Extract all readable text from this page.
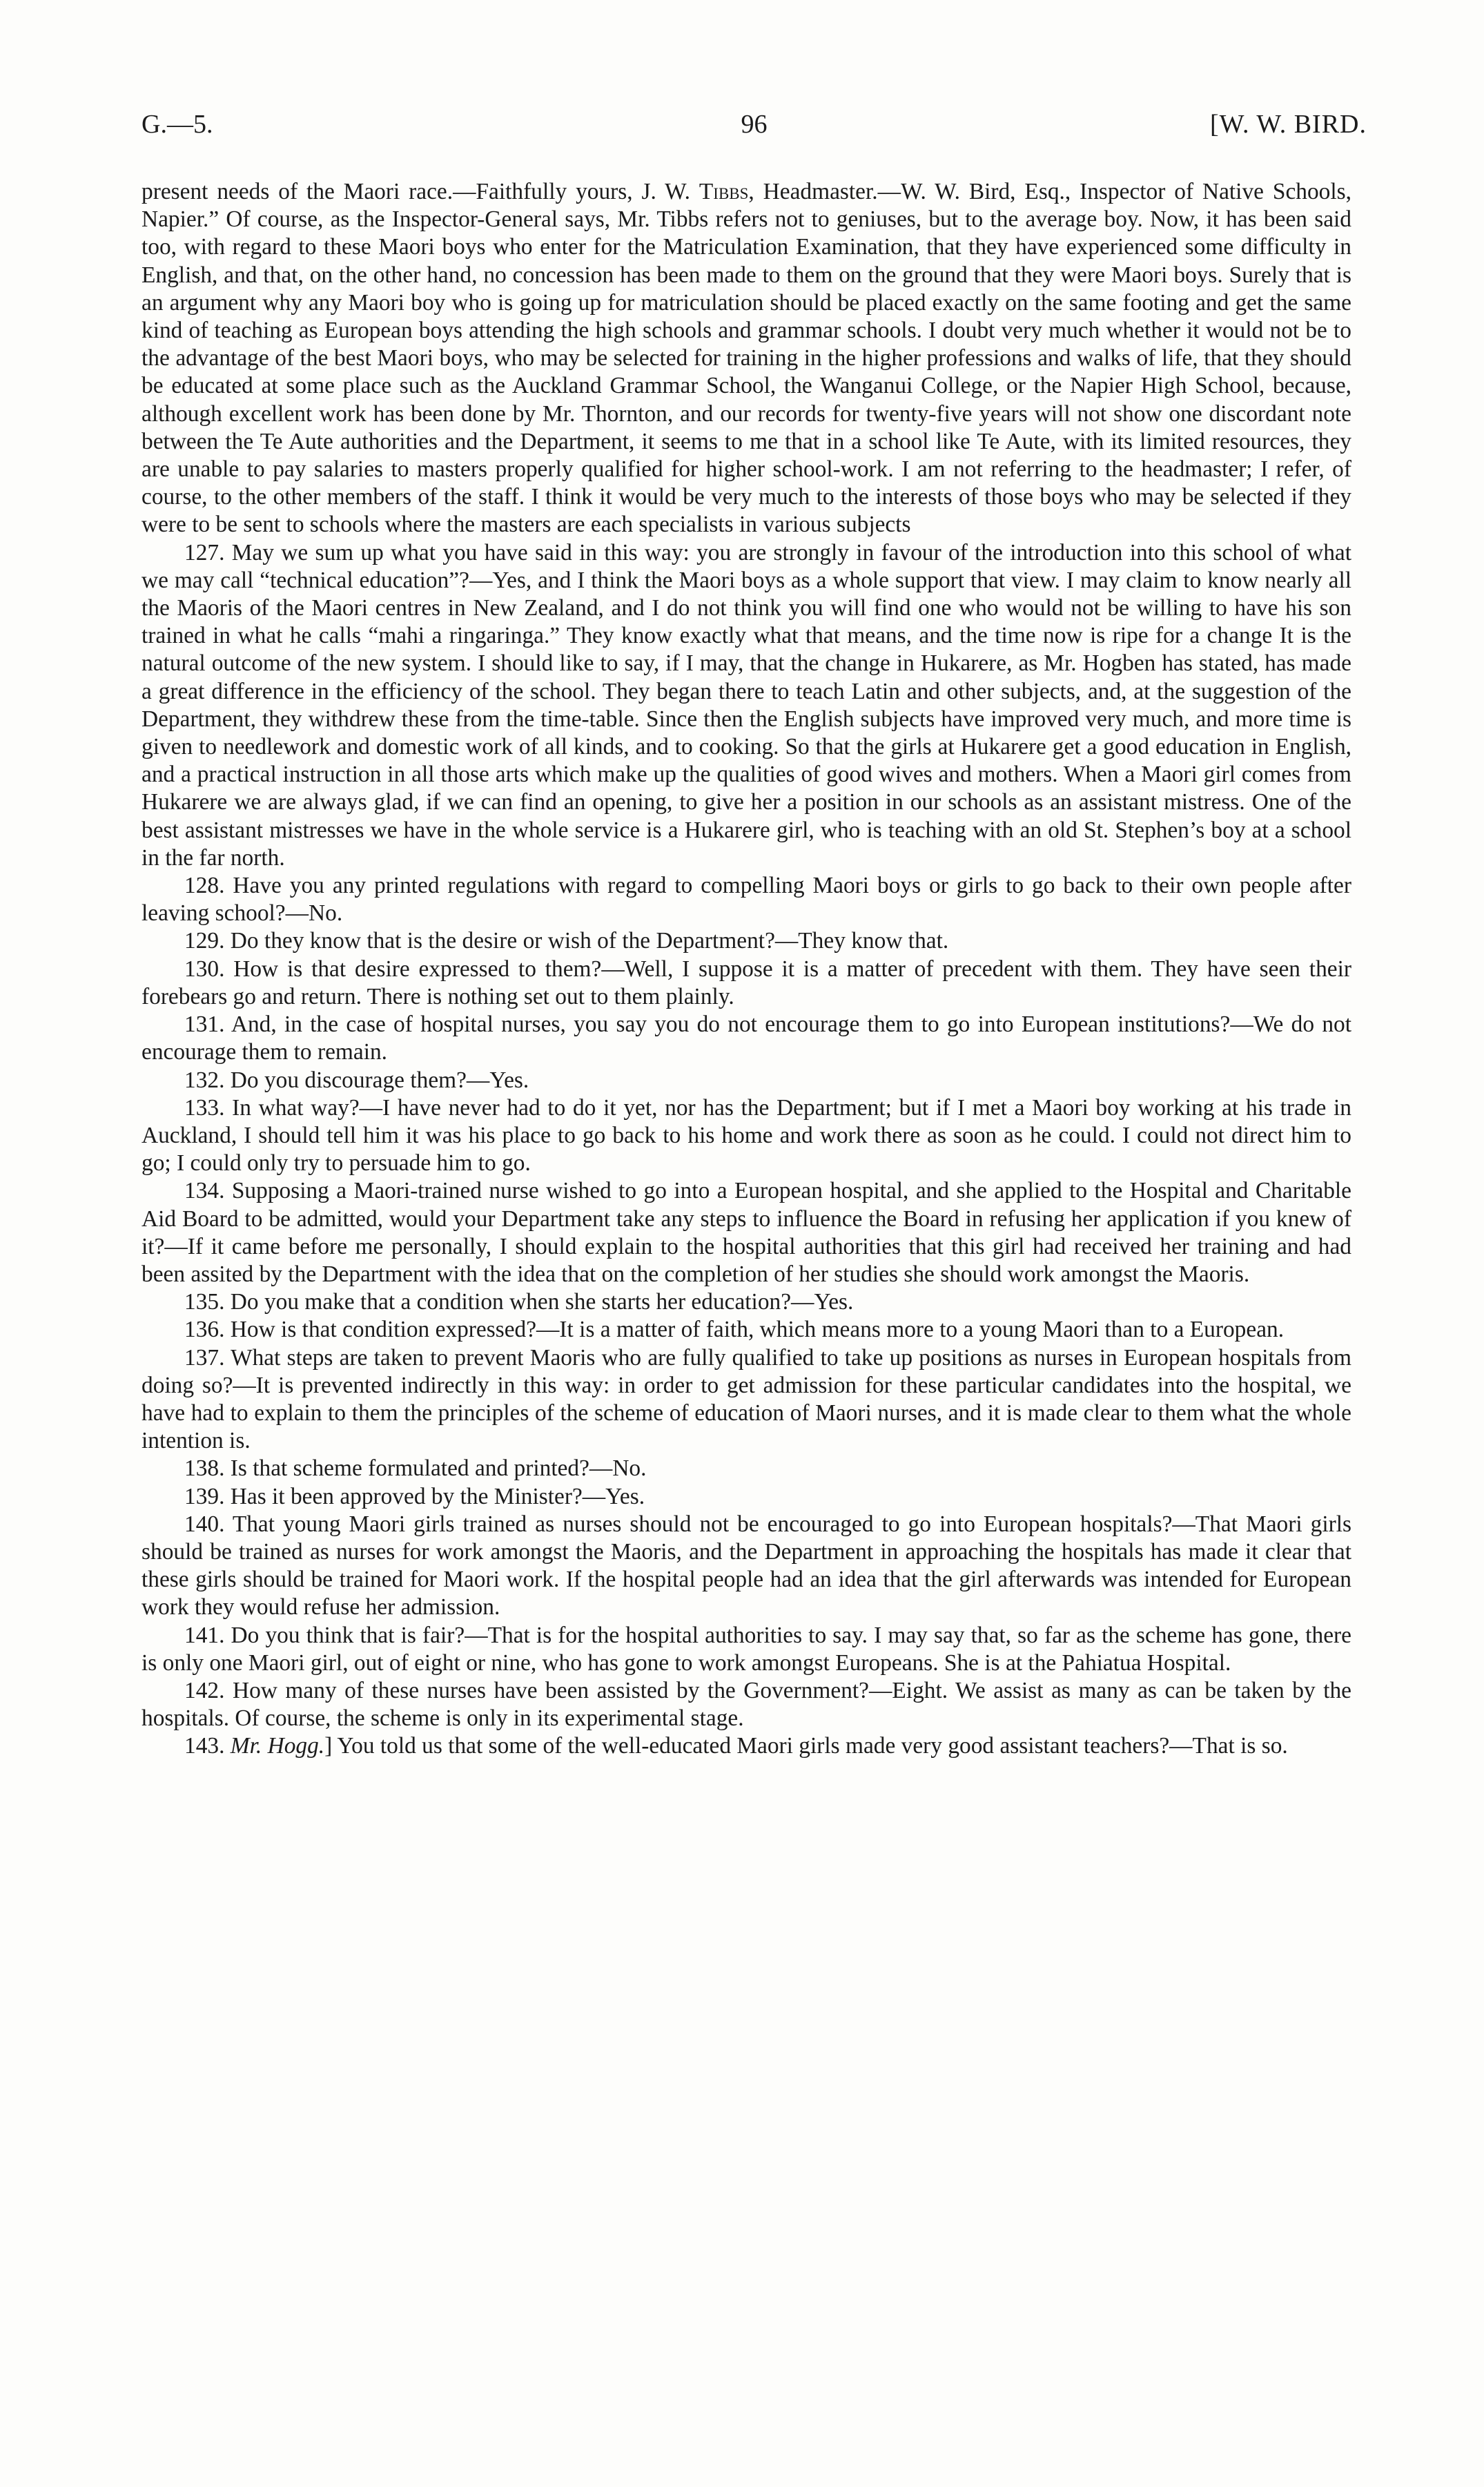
G.—5.	96	[W. W. BIRD.

present needs of the Maori race.—Faithfully yours, J. W. Tibbs, Headmaster.—W. W. Bird, Esq., Inspector of Native Schools, Napier.” Of course, as the Inspector-General says, Mr. Tibbs refers not to geniuses, but to the average boy. Now, it has been said too, with regard to these Maori boys who enter for the Matriculation Examination, that they have experienced some difficulty in English, and that, on the other hand, no concession has been made to them on the ground that they were Maori boys. Surely that is an argument why any Maori boy who is going up for matriculation should be placed exactly on the same footing and get the same kind of teaching as European boys attending the high schools and grammar schools. I doubt very much whether it would not be to the advantage of the best Maori boys, who may be selected for training in the higher professions and walks of life, that they should be educated at some place such as the Auckland Grammar School, the Wanganui College, or the Napier High School, because, although excellent work has been done by Mr. Thornton, and our records for twenty-five years will not show one discordant note between the Te Aute authorities and the Department, it seems to me that in a school like Te Aute, with its limited resources, they are unable to pay salaries to masters properly qualified for higher school-work. I am not referring to the headmaster; I refer, of course, to the other members of the staff. I think it would be very much to the interests of those boys who may be selected if they were to be sent to schools where the masters are each specialists in various subjects

127. May we sum up what you have said in this way: you are strongly in favour of the introduction into this school of what we may call “technical education”?—Yes, and I think the Maori boys as a whole support that view. I may claim to know nearly all the Maoris of the Maori centres in New Zealand, and I do not think you will find one who would not be willing to have his son trained in what he calls “mahi a ringaringa.” They know exactly what that means, and the time now is ripe for a change It is the natural outcome of the new system. I should like to say, if I may, that the change in Hukarere, as Mr. Hogben has stated, has made a great difference in the efficiency of the school. They began there to teach Latin and other subjects, and, at the suggestion of the Department, they withdrew these from the time-table. Since then the English subjects have improved very much, and more time is given to needlework and domestic work of all kinds, and to cooking. So that the girls at Hukarere get a good education in English, and a practical instruction in all those arts which make up the qualities of good wives and mothers. When a Maori girl comes from Hukarere we are always glad, if we can find an opening, to give her a position in our schools as an assistant mistress. One of the best assistant mistresses we have in the whole service is a Hukarere girl, who is teaching with an old St. Stephen’s boy at a school in the far north.

128. Have you any printed regulations with regard to compelling Maori boys or girls to go back to their own people after leaving school?—No.

129. Do they know that is the desire or wish of the Department?—They know that.

130. How is that desire expressed to them?—Well, I suppose it is a matter of precedent with them. They have seen their forebears go and return. There is nothing set out to them plainly.

131. And, in the case of hospital nurses, you say you do not encourage them to go into European institutions?—We do not encourage them to remain.

132. Do you discourage them?—Yes.

133. In what way?—I have never had to do it yet, nor has the Department; but if I met a Maori boy working at his trade in Auckland, I should tell him it was his place to go back to his home and work there as soon as he could. I could not direct him to go; I could only try to persuade him to go.

134. Supposing a Maori-trained nurse wished to go into a European hospital, and she applied to the Hospital and Charitable Aid Board to be admitted, would your Department take any steps to influence the Board in refusing her application if you knew of it?—If it came before me personally, I should explain to the hospital authorities that this girl had received her training and had been assited by the Department with the idea that on the completion of her studies she should work amongst the Maoris.

135. Do you make that a condition when she starts her education?—Yes.

136. How is that condition expressed?—It is a matter of faith, which means more to a young Maori than to a European.

137. What steps are taken to prevent Maoris who are fully qualified to take up positions as nurses in European hospitals from doing so?—It is prevented indirectly in this way: in order to get admission for these particular candidates into the hospital, we have had to explain to them the principles of the scheme of education of Maori nurses, and it is made clear to them what the whole intention is.

138. Is that scheme formulated and printed?—No.

139. Has it been approved by the Minister?—Yes.

140. That young Maori girls trained as nurses should not be encouraged to go into European hospitals?—That Maori girls should be trained as nurses for work amongst the Maoris, and the Department in approaching the hospitals has made it clear that these girls should be trained for Maori work. If the hospital people had an idea that the girl afterwards was intended for European work they would refuse her admission.

141. Do you think that is fair?—That is for the hospital authorities to say. I may say that, so far as the scheme has gone, there is only one Maori girl, out of eight or nine, who has gone to work amongst Europeans. She is at the Pahiatua Hospital.

142. How many of these nurses have been assisted by the Government?—Eight. We assist as many as can be taken by the hospitals. Of course, the scheme is only in its experimental stage.

143. Mr. Hogg.] You told us that some of the well-educated Maori girls made very good assistant teachers?—That is so.
